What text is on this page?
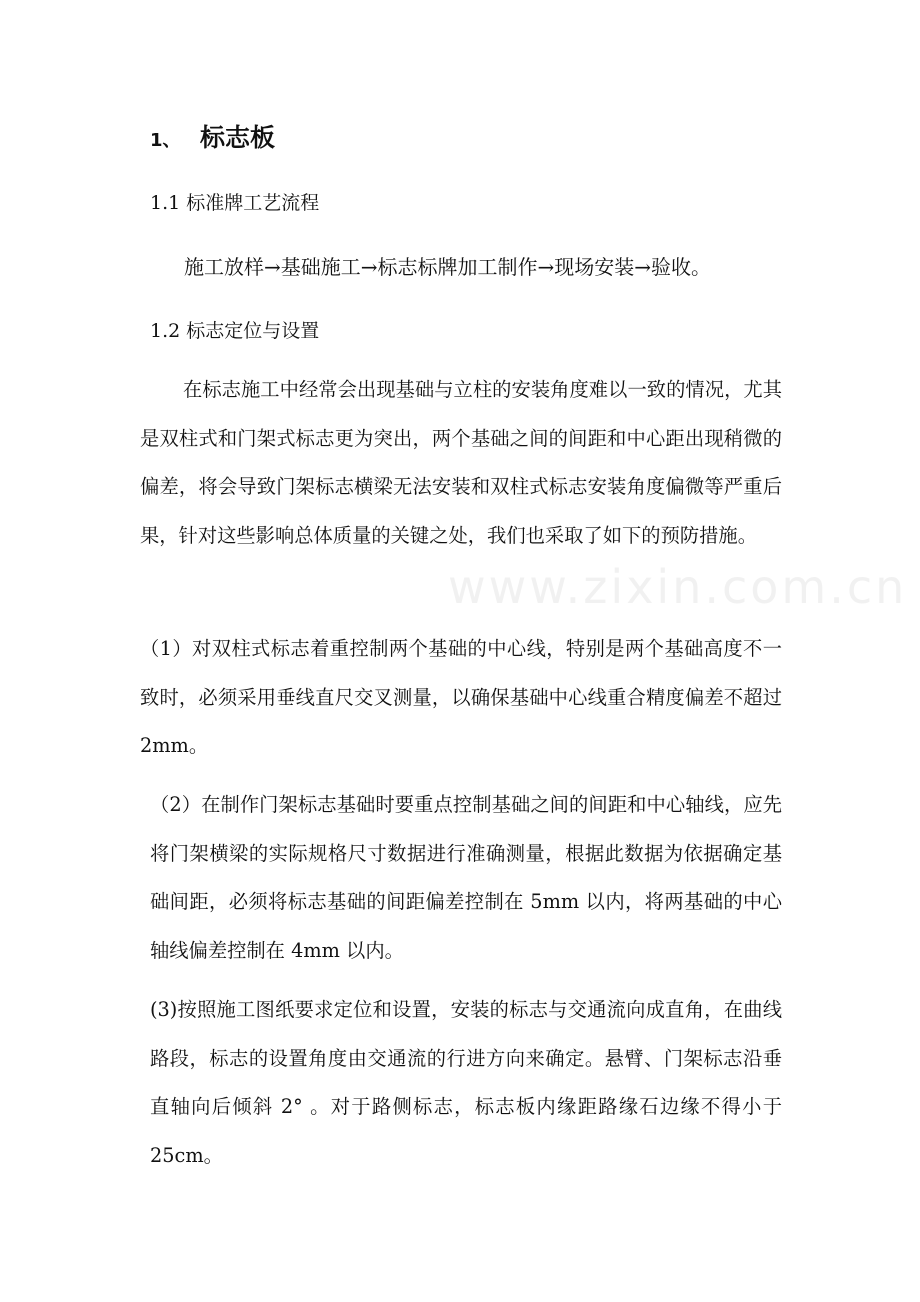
1、 标志板
1.1 标准牌工艺流程
施工放样→基础施工→标志标牌加工制作→现场安装→验收。
1.2 标志定位与设置

在标志施工中经常会出现基础与立柱的安装角度难以一致的情况，尤其是双柱式和门架式标志更为突出，两个基础之间的间距和中心距出现稍微的偏差，将会导致门架标志横梁无法安装和双柱式标志安装角度偏微等严重后果，针对这些影响总体质量的关键之处，我们也采取了如下的预防措施。

www.zixin.com.cn

（1）对双柱式标志着重控制两个基础的中心线，特别是两个基础高度不一致时，必须采用垂线直尺交叉测量，以确保基础中心线重合精度偏差不超过 2mm。

（2）在制作门架标志基础时要重点控制基础之间的间距和中心轴线，应先将门架横梁的实际规格尺寸数据进行准确测量，根据此数据为依据确定基础间距，必须将标志基础的间距偏差控制在 5mm 以内，将两基础的中心轴线偏差控制在 4mm 以内。

(3)按照施工图纸要求定位和设置，安装的标志与交通流向成直角，在曲线路段，标志的设置角度由交通流的行进方向来确定。悬臂、门架标志沿垂直轴向后倾斜 2° 。对于路侧标志，标志板内缘距路缘石边缘不得小于 25cm。
